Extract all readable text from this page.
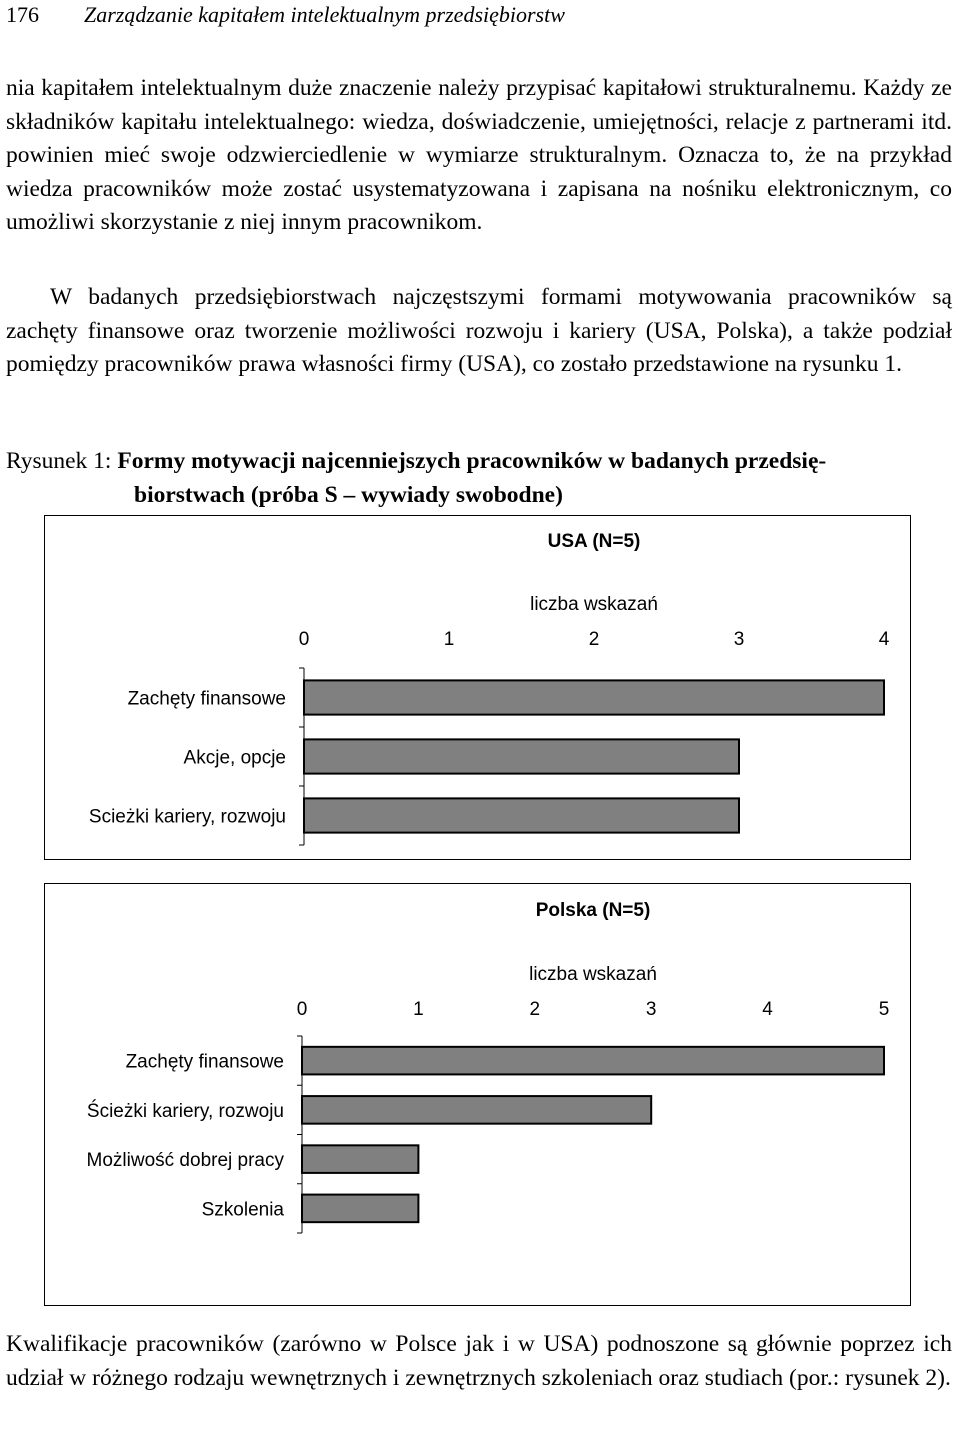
176 Zarządzanie kapitałem intelektualnym przedsiębiorstw

nia kapitałem intelektualnym duże znaczenie należy przypisać kapitałowi strukturalnemu. Każdy ze składników kapitału intelektualnego: wiedza, doświadczenie, umiejętności, relacje z partnerami itd. powinien mieć swoje odzwierciedlenie w wymiarze strukturalnym. Oznacza to, że na przykład wiedza pracowników może zostać usystematyzowana i zapisana na nośniku elektronicznym, co umożliwi skorzystanie z niej innym pracownikom.

W badanych przedsiębiorstwach najczęstszymi formami motywowania pracowników są zachęty finansowe oraz tworzenie możliwości rozwoju i kariery (USA, Polska), a także podział pomiędzy pracowników prawa własności firmy (USA), co zostało przedstawione na rysunku 1.

Rysunek 1: Formy motywacji najcenniejszych pracowników w badanych przedsię-
biorstwach (próba S – wywiady swobodne)
USA (N=5)
liczba wskazań
0	1	2	3	4
Zachęty finansowe
Akcje, opcje
Scieżki kariery, rozwoju
Polska (N=5)
liczba wskazań
0	1	2	3	4	5
Zachęty finansowe
Ścieżki kariery, rozwoju
Możliwość dobrej pracy
Szkolenia

Kwalifikacje pracowników (zarówno w Polsce jak i w USA) podnoszone są głównie poprzez ich udział w różnego rodzaju wewnętrznych i zewnętrznych szkoleniach oraz studiach (por.: rysunek 2).
